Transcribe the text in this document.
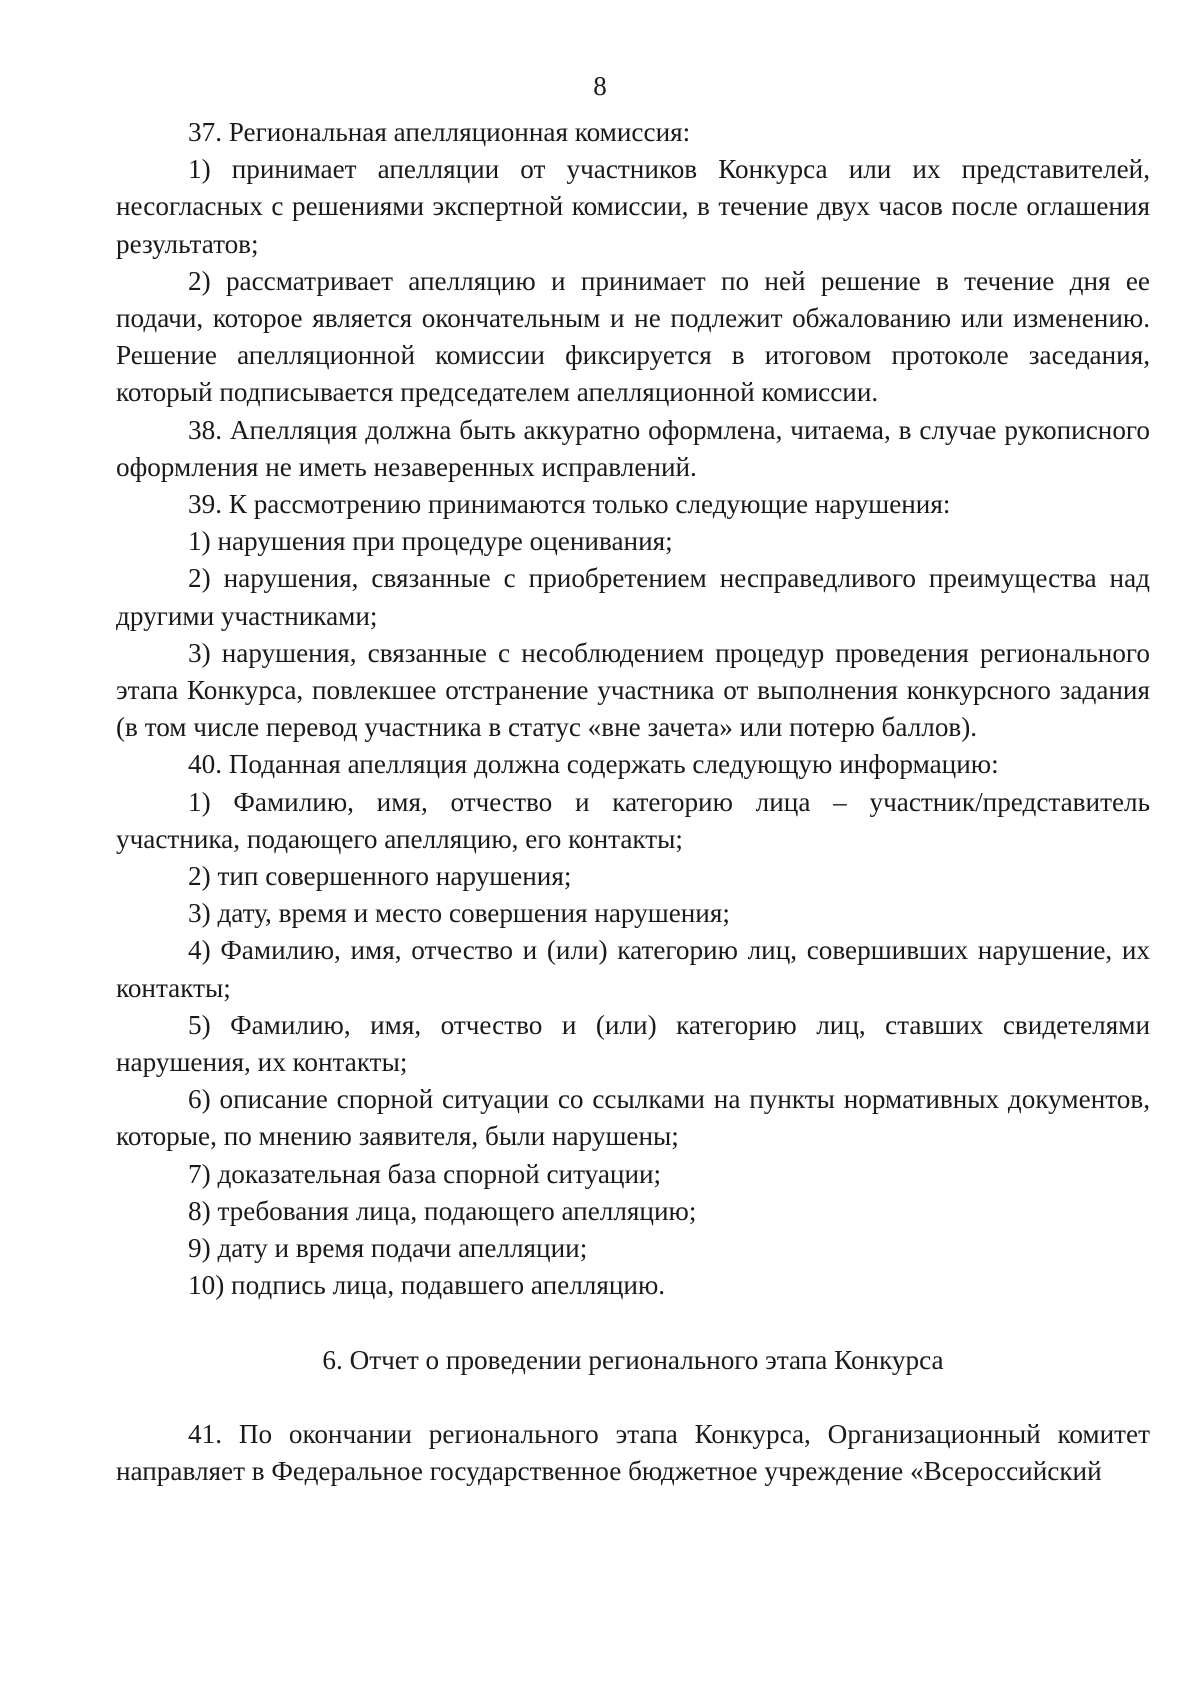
8

37. Региональная апелляционная комиссия:

1) принимает апелляции от участников Конкурса или их представителей, несогласных с решениями экспертной комиссии, в течение двух часов после оглашения результатов;

2) рассматривает апелляцию и принимает по ней решение в течение дня ее подачи, которое является окончательным и не подлежит обжалованию или изменению. Решение апелляционной комиссии фиксируется в итоговом протоколе заседания, который подписывается председателем апелляционной комиссии.

38. Апелляция должна быть аккуратно оформлена, читаема, в случае рукописного оформления не иметь незаверенных исправлений.

39. К рассмотрению принимаются только следующие нарушения:

1) нарушения при процедуре оценивания;

2) нарушения, связанные с приобретением несправедливого преимущества над другими участниками;

3) нарушения, связанные с несоблюдением процедур проведения регионального этапа Конкурса, повлекшее отстранение участника от выполнения конкурсного задания (в том числе перевод участника в статус «вне зачета» или потерю баллов).

40. Поданная апелляция должна содержать следующую информацию:

1) Фамилию, имя, отчество и категорию лица – участник/представитель участника, подающего апелляцию, его контакты;

2) тип совершенного нарушения;

3) дату, время и место совершения нарушения;

4) Фамилию, имя, отчество и (или) категорию лиц, совершивших нарушение, их контакты;

5) Фамилию, имя, отчество и (или) категорию лиц, ставших свидетелями нарушения, их контакты;

6) описание спорной ситуации со ссылками на пункты нормативных документов, которые, по мнению заявителя, были нарушены;

7) доказательная база спорной ситуации;

8) требования лица, подающего апелляцию;

9) дату и время подачи апелляции;

10) подпись лица, подавшего апелляцию.

6. Отчет о проведении регионального этапа Конкурса

41. По окончании регионального этапа Конкурса, Организационный комитет направляет в Федеральное государственное бюджетное учреждение «Всероссийский
